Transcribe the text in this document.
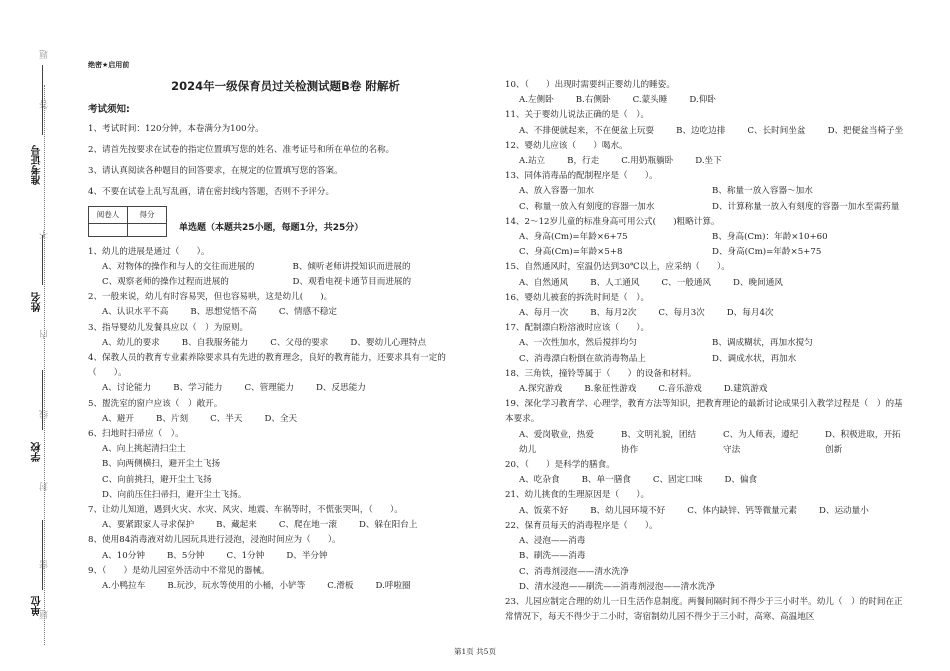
题
答
准考证号
不
姓名
内
线
学校
封
密
单位
题
绝密★启用前
2024年一级保育员过关检测试题B卷 附解析
考试须知:

1、考试时间：120分钟，本卷满分为100分。

2、请首先按要求在试卷的指定位置填写您的姓名、准考证号和所在单位的名称。

3、请认真阅读各种题目的回答要求，在规定的位置填写您的答案。

4、不要在试卷上乱写乱画，请在密封线内答题，否则不予评分。

阅卷人	得分

单选题（本题共25小题，每题1分，共25分）

1、幼儿的进展是通过（　　）。

A、对物体的操作和与人的交往而进展的	B、倾听老师讲授知识而进展的
C、观察老师的操作过程而进展的	D、观看电视卡通节目而进展的

2、一般来说，幼儿有时容易哭，但也容易哄，这是幼儿(　　)。

A、认识水平不高	B、思想觉悟不高	C、情感不稳定

3、指导婴幼儿发餐具应以（　）为原则。

A、幼儿的要求	B、自我服务能力	C、父母的要求	D、婴幼儿心理特点

4、保教人员的教育专业素养除要求具有先进的教育理念，良好的教育能力，还要求具有一定的（　　）。

A、讨论能力	B、学习能力	C、管理能力	D、反思能力

5、盥洗室的窗户应该（　）敞开。

A、避开	B、片刻	C、半天	D、全天

6、扫地时扫帚应（　）。

A、向上挑起清扫尘土

B、向两侧横扫，避开尘土飞扬

C、向前挑扫，避开尘土飞扬

D、向前压住扫帚扫，避开尘土飞扬。

7、让幼儿知道，遇到火灾、水灾、风灾、地震、车祸等时，不慌张哭叫，（　　）。

A、要紧跟家人寻求保护	B、藏起来	C、爬在地一滚	D、躲在阳台上

8、使用84消毒液对幼儿园玩具进行浸泡，浸泡时间应为（　　）。

A、10分钟	B、5分钟	C、1分钟	D、半分钟

9、（　　）是幼儿园室外活动中不常见的器械。

A.小鸭拉车	B.玩沙，玩水等使用的小桶，小铲等	C.滑板	D.呼啦圈

10、（　　）出现时需要纠正婴幼儿的睡姿。

A.左侧卧	B.右侧卧	C.蒙头睡	D.仰卧

11、关于婴幼儿说法正确的是（　）。

A、不排便就起来，不在便盆上玩耍	B、边吃边排	C、长时间坐盆	D、把便盆当椅子坐

12、婴幼儿应该（　　）喝水。

A.站立	B，行走	C.用奶瓶躺卧	D.坐下

13、同体消毒品的配制程序是（　　）。

A、放入容器一加水	B、称量一放入容器～加水
C、称量一放入有刻度的容器一加水	D、计算称量一放入有刻度的容器一加水至需药量

14、2～12岁儿童的标准身高可用公式(　　)粗略计算。

A、身高(Cm)=年龄×6+75	B、身高(Cm)：年龄×10+60
C、身高(Cm)=年龄×5+8	D、身高(Cm)=年龄×5+75

15、自然通风时，室温仍达到30℃以上，应采纳（　　）。

A、自然通风	B、人工通风	C、一般通风	D、晚间通风

16、婴幼儿被套的拆洗时间是（　）。

A、每月一次	B、每月2次	C、每月3次	D、每月4次

17、配制漂白粉溶液时应该（　　）。

A、一次性加水，然后搅拌均匀	B、调成糊状，再加水搅匀
C、消毒漂白粉倒在欲消毒物品上	D、调成水状，再加水

18、三角铁，撞铃等属于（　　）的设备和材料。

A.探究游戏	B.象征性游戏	C.音乐游戏	D.建筑游戏

19、深化学习教育学、心理学，教育方法等知识，把教育理论的最新讨论成果引入教学过程是（　）的基本要求。

A、爱岗敬业，热爱幼儿
B、文明礼貌，团结协作
C、为人师表，遵纪守法
D、积极进取，开拓创新

20、（　　）是科学的膳食。

A、吃杂食	B、单一膳食	C、固定口味	D、偏食

21、幼儿挑食的生理原因是（　　）。

A、饭菜不好	B、幼儿园环境不好	C、体内缺锌、钙等微量元素	D、运动量小

22、保育员每天的消毒程序是（　　）。

A、浸泡——消毒

B、刷洗——消毒

C、消毒剂浸泡——清水洗净

D、清水浸泡——刷洗——消毒剂浸泡——清水洗净

23、儿园应制定合理的幼儿一日生活作息制度。两餐间隔时间不得少于三小时半。幼儿（　）的时间在正常情况下，每天不得少于二小时，寄宿制幼儿园不得少于三小时，高寒、高温地区

第1页 共5页
